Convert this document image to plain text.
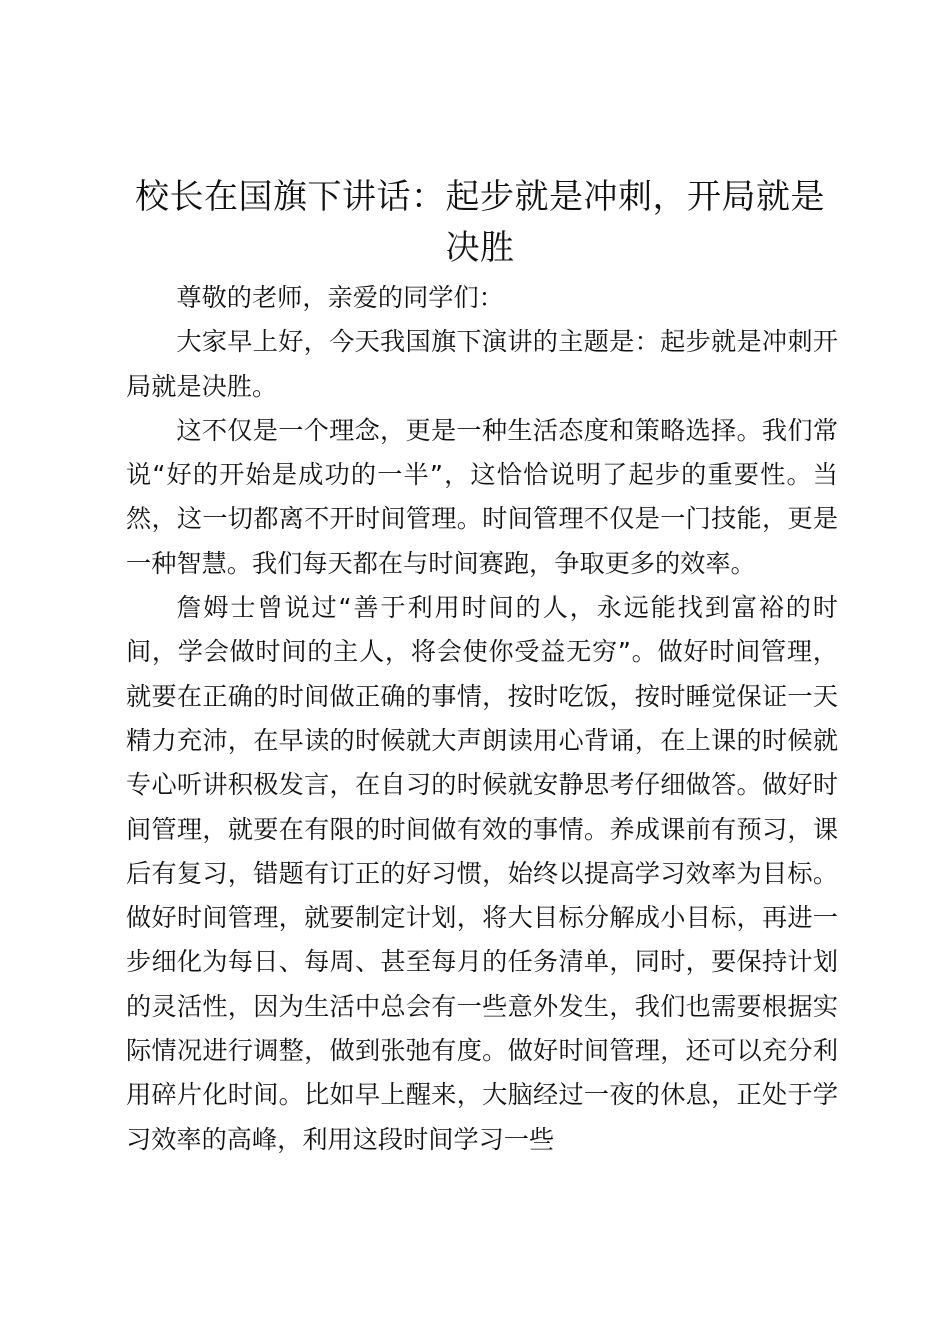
校长在国旗下讲话：起步就是冲刺，开局就是决胜

尊敬的老师，亲爱的同学们：

大家早上好，今天我国旗下演讲的主题是：起步就是冲刺开局就是决胜。

这不仅是一个理念，更是一种生活态度和策略选择。我们常说“好的开始是成功的一半”，这恰恰说明了起步的重要性。当然，这一切都离不开时间管理。时间管理不仅是一门技能，更是一种智慧。我们每天都在与时间赛跑，争取更多的效率。

詹姆士曾说过“善于利用时间的人，永远能找到富裕的时间，学会做时间的主人，将会使你受益无穷”。做好时间管理，就要在正确的时间做正确的事情，按时吃饭，按时睡觉保证一天精力充沛，在早读的时候就大声朗读用心背诵，在上课的时候就专心听讲积极发言，在自习的时候就安静思考仔细做答。做好时间管理，就要在有限的时间做有效的事情。养成课前有预习，课后有复习，错题有订正的好习惯，始终以提高学习效率为目标。做好时间管理，就要制定计划，将大目标分解成小目标，再进一步细化为每日、每周、甚至每月的任务清单，同时，要保持计划的灵活性，因为生活中总会有一些意外发生，我们也需要根据实际情况进行调整，做到张弛有度。做好时间管理，还可以充分利用碎片化时间。比如早上醒来，大脑经过一夜的休息，正处于学习效率的高峰，利用这段时间学习一些
